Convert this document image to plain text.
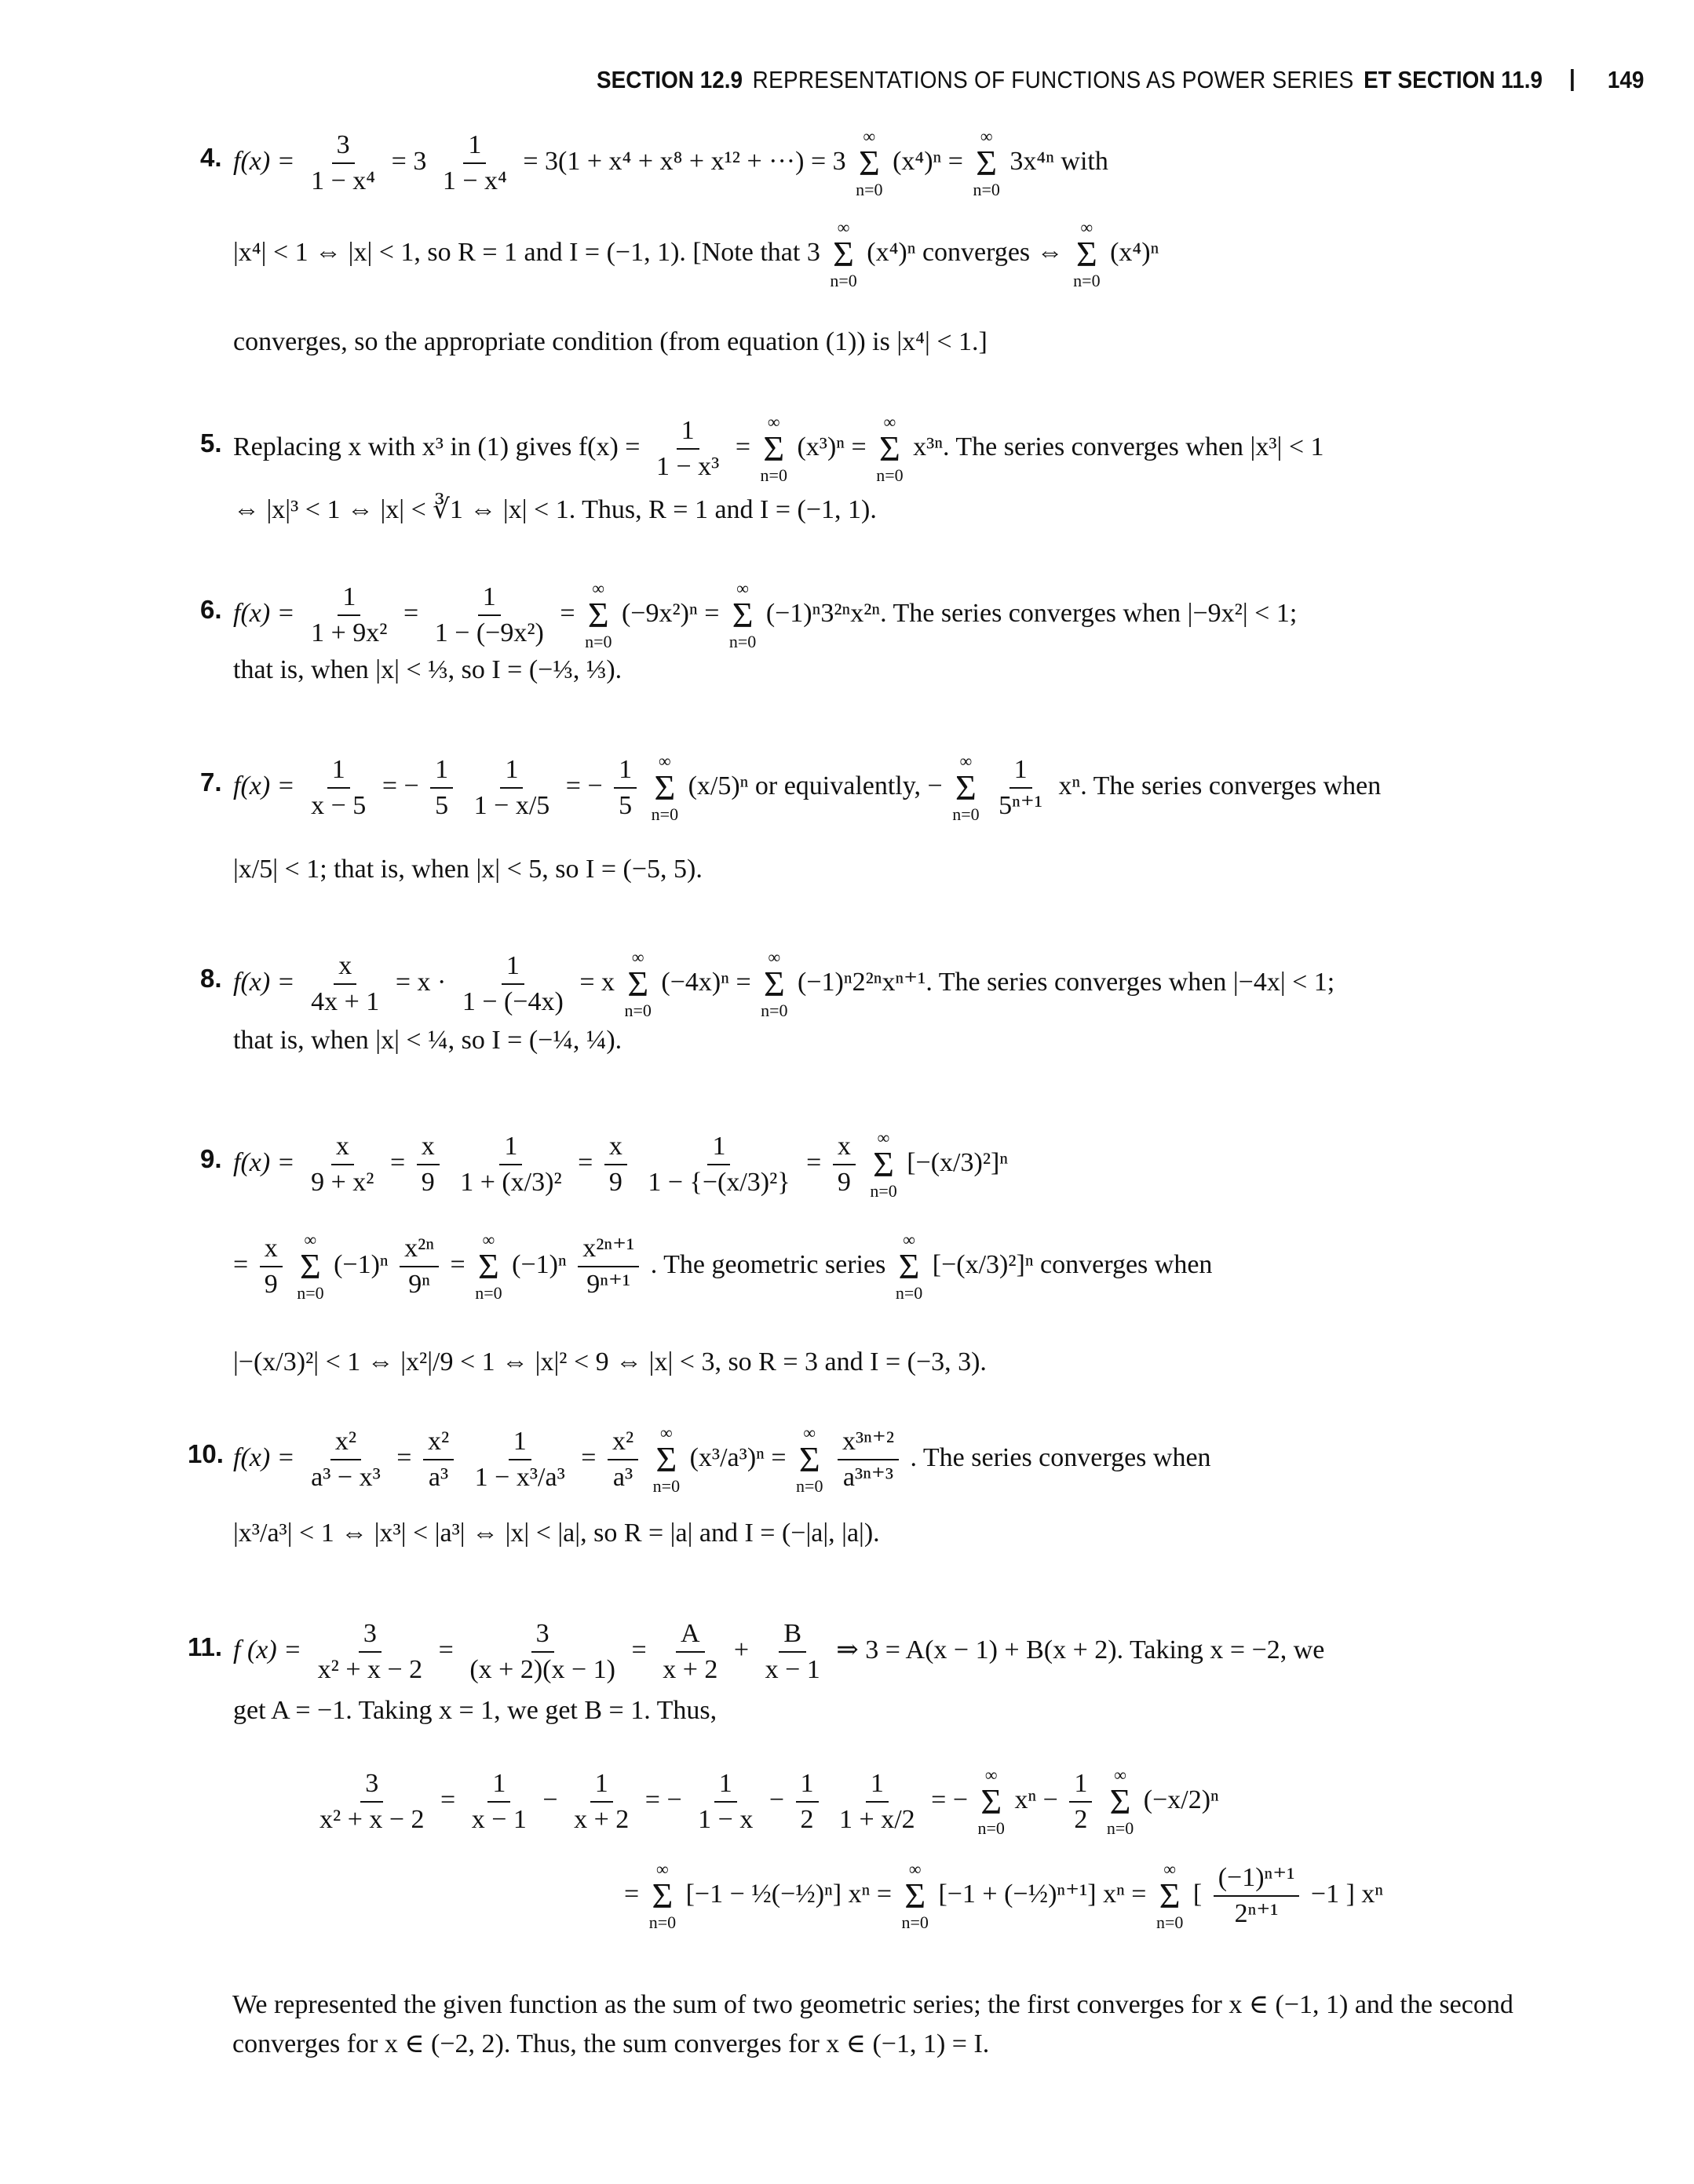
SECTION 12.9 REPRESENTATIONS OF FUNCTIONS AS POWER SERIES ET SECTION 11.9	149
4. $f(x) = \frac{3}{\text{1 − x⁴}} = 3 \frac{1}{\text{1 − x⁴}} = 3(1 + x^4 + x^8 + x^{12}$ + ···) = 3
∞
Σ
n=0
(x⁴)ⁿ =
∞
Σ
n=0
3x⁴ⁿ with
|x⁴| < 1 ⇔ |x| < 1, so R = 1 and I = (−1, 1). [Note that 3
∞
Σ
n=0
(x⁴)ⁿ converges ⇔
∞
Σ
n=0
(x⁴)ⁿ
converges, so the appropriate condition (from equation (1)) is |x⁴| < 1.]
5. Replacing x with x³ in (1) gives $f(x) = \frac{1}{\text{1 − x³}}$ =
∞
Σ
n=0
(x³)ⁿ =
∞
Σ
n=0
x³ⁿ. The series converges when |x³| < 1
⇔ |x|³ < 1 ⇔ |x| < ∛1 ⇔ |x| < 1. Thus, R = 1 and I = (−1, 1).
6. $f(x) = \frac{1}{\text{1 + 9x²}} = \frac{1}{\text{1 − (−9x²)}}$ =
∞
Σ
n=0
(−9x²)ⁿ =
∞
Σ
n=0
(−1)ⁿ3²ⁿx²ⁿ. The series converges when |−9x²| < 1;
that is, when |x| < ⅓, so I = (−⅓, ⅓).
7. $f(x) = \frac{1}{x - 5}$ = − $\frac{1}{5}$
$\frac{1}{1 - x/5}$ = − $\frac{1}{5}$
∞
Σ
n=0
(x/5)ⁿ or equivalently, −
∞
Σ
n=0
$\frac{1}{\text{5ⁿ⁺¹}} x^n$. The series converges when
|x/5| < 1; that is, when |x| < 5, so I = (−5, 5).
8. $f(x) = \frac{x}{4x + 1} = x \cdot \frac{1}{1 - (-4x)} = x$
∞
Σ
n=0
(−4x)ⁿ =
∞
Σ
n=0
(−1)ⁿ2²ⁿxⁿ⁺¹. The series converges when |−4x| < 1;
that is, when |x| < ¼, so I = (−¼, ¼).
9. $f(x) = \frac{x}{\text{9 + x²}} = \frac{x}{9}$
$\frac{1}{\text{1 + (x/3)²}} = \frac{x}{9}$
$\frac{1}{\text{1 − \{−(x/3)²\}}} = \frac{x}{9}$
∞
Σ
n=0
[−(x/3)²]ⁿ
= $\frac{x}{9}$
∞
Σ
n=0
$(-1)^n \frac{\text{x²ⁿ}}{\text{9ⁿ}}$ =
∞
Σ
n=0
$(-1)^n \frac{\text{x²ⁿ⁺¹}}{\text{9ⁿ⁺¹}}$ . The geometric series
∞
Σ
n=0
[−(x/3)²]ⁿ converges when
|−(x/3)²| < 1 ⇔ |x²|/9 < 1 ⇔ |x|² < 9 ⇔ |x| < 3, so R = 3 and I = (−3, 3).
10. $f(x) = \frac{\text{x²}}{\text{a³ − x³}} = \frac{\text{x²}}{\text{a³}}$
$\frac{1}{\text{1 − x³/a³}} = \frac{\text{x²}}{\text{a³}}$
∞
Σ
n=0
(x³/a³)ⁿ =
∞
Σ
n=0
$\frac{\text{x³ⁿ⁺²}}{\text{a³ⁿ⁺³}}$ . The series converges when
|x³/a³| < 1 ⇔ |x³| < |a³| ⇔ |x| < |a|, so R = |a| and I = (−|a|, |a|).
11. f $(x) = \frac{3}{\text{x² + x − 2}} = \frac{3}{(x + 2)(x - 1)} = \frac{A}{x + 2} + \frac{B}{x - 1}$ ⇒ 3 = A(x − 1) + B(x + 2). Taking x = −2, we
get A = −1. Taking x = 1, we get B = 1. Thus,
$\frac{3}{\text{x² + x − 2}} = \frac{1}{x - 1} - \frac{1}{x + 2}$ = − $\frac{1}{1 - x} - \frac{1}{2}$
$\frac{1}{1 + x/2}$ = −
∞
Σ
n=0
$x^n - \frac{1}{2}$
∞
Σ
n=0
(−x/2)ⁿ
=
∞
Σ
n=0
[−1 − ½(−½)ⁿ] xⁿ =
∞
Σ
n=0
[−1 + (−½)ⁿ⁺¹] xⁿ =
∞
Σ
n=0
[ $\frac{\text{(−1)ⁿ⁺¹}}{\text{2ⁿ⁺¹}} -1$ ] xⁿ
We represented the given function as the sum of two geometric series; the first converges for x ∈ (−1, 1) and the second converges for x ∈ (−2, 2). Thus, the sum converges for x ∈ (−1, 1) = I.
